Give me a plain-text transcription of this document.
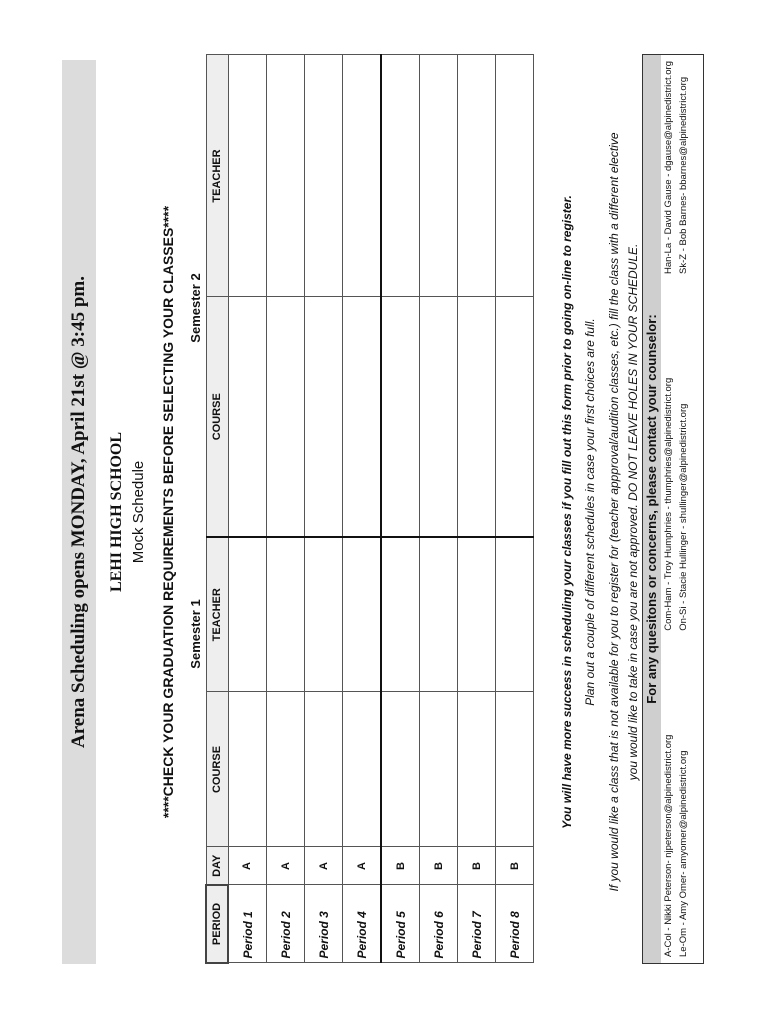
Arena Scheduling opens MONDAY, April 21st @ 3:45 pm.	LEHI HIGH SCHOOL Mock Schedule ****CHECK YOUR GRADUATION REQUIREMENTS BEFORE SELECTING YOUR CLASSES**** Semester 1
Semester 2
PERIOD	DAY	COURSE	TEACHER	COURSE	TEACHER
Period 1	A				
Period 2	A				
Period 3	A				
Period 4	A				
Period 5	B				
Period 6	B				
Period 7	B				
Period 8	B				
You will have more success in scheduling your classes if you fill out this form prior to going on-line to register. Plan out a couple of different schedules in case your first choices are full. If you would like a class that is not available for you to register for (teacher appproval/audition classes, etc.) fill the class with a different elective you would like to take in case you are not approved. DO NOT LEAVE HOLES IN YOUR SCHEDULE. For any quesitons or concerns, please contact your counselor:
A-Col - Nikki Peterson- njpeterson@alpinedistrict.org Le-Om - Amy Omer- amyomer@alpinedistrict.org
Com-Ham - Troy Humphries - thumphries@alpinedistrict.org On-Si - Stacie Hullinger - shullinger@alpinedistrict.org
Han-La - David Gause - dgause@alpinedistrict.org Sk-Z - Bob Barnes- bbarnes@alpinedistrict.org
